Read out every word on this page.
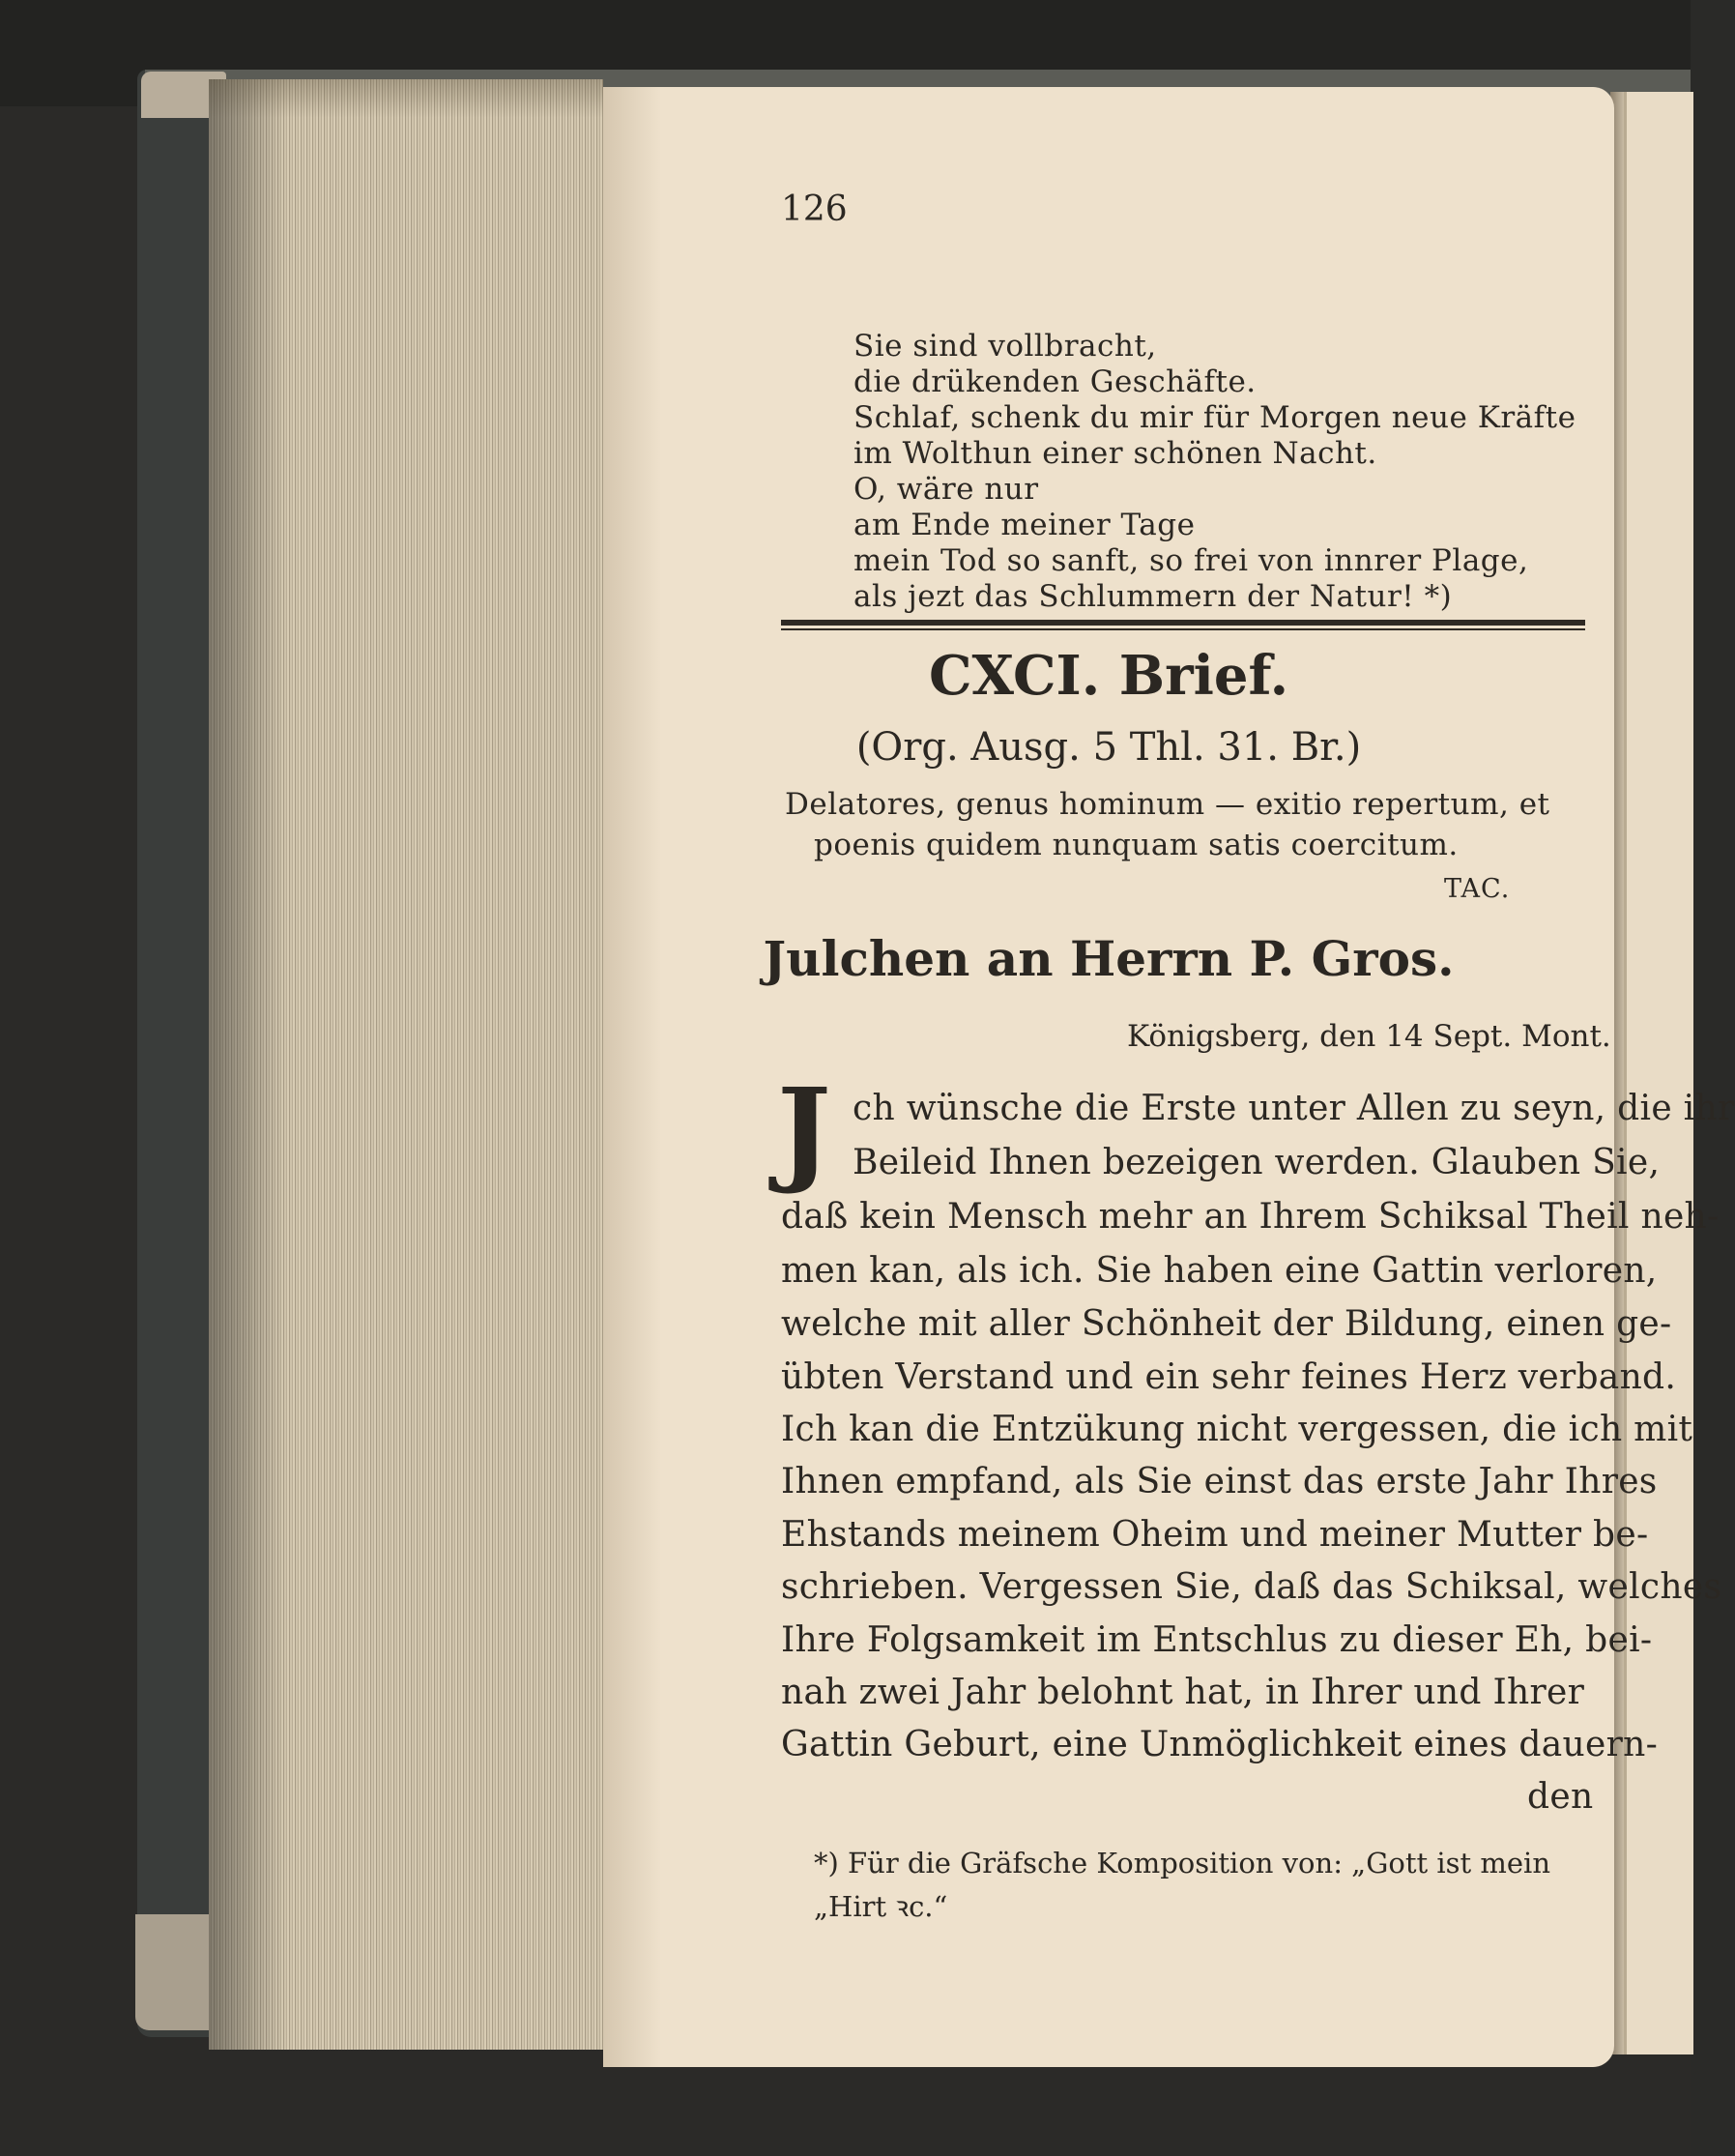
126

Sie sind vollbracht,

die drükenden Geschäfte.

Schlaf, schenk du mir für Morgen neue Kräfte

im Wolthun einer schönen Nacht.

O, wäre nur

am Ende meiner Tage

mein Tod so sanft, so frei von innrer Plage,

CXCI. Brief.

(Org. Ausg. 5 Thl. 31. Br.)

Delatores, genus hominum — exitio repertum, et

poenis quidem nunquam satis coercitum.

TAC.

Julchen an Herrn P. Gros.

Königsberg, den 14 Sept. Mont.

J ch wünsche die Erste unter Allen zu seyn, die ihr

Beileid Ihnen bezeigen werden. Glauben Sie,

daß kein Mensch mehr an Ihrem Schiksal Theil neh-

men kan, als ich. Sie haben eine Gattin verloren,

welche mit aller Schönheit der Bildung, einen ge-

übten Verstand und ein sehr feines Herz verband.

Ich kan die Entzükung nicht vergessen, die ich mit

Ihnen empfand, als Sie einst das erste Jahr Ihres

Ehstands meinem Oheim und meiner Mutter be-

schrieben. Vergessen Sie, daß das Schiksal, welches

Ihre Folgsamkeit im Entschlus zu dieser Eh, bei-

nah zwei Jahr belohnt hat, in Ihrer und Ihrer

Gattin Geburt, eine Unmöglichkeit eines dauern-

den

*) Für die Gräfsche Komposition von: „Gott ist mein

„Hirt ꝛc.“

als jezt das Schlummern der Natur! *)
